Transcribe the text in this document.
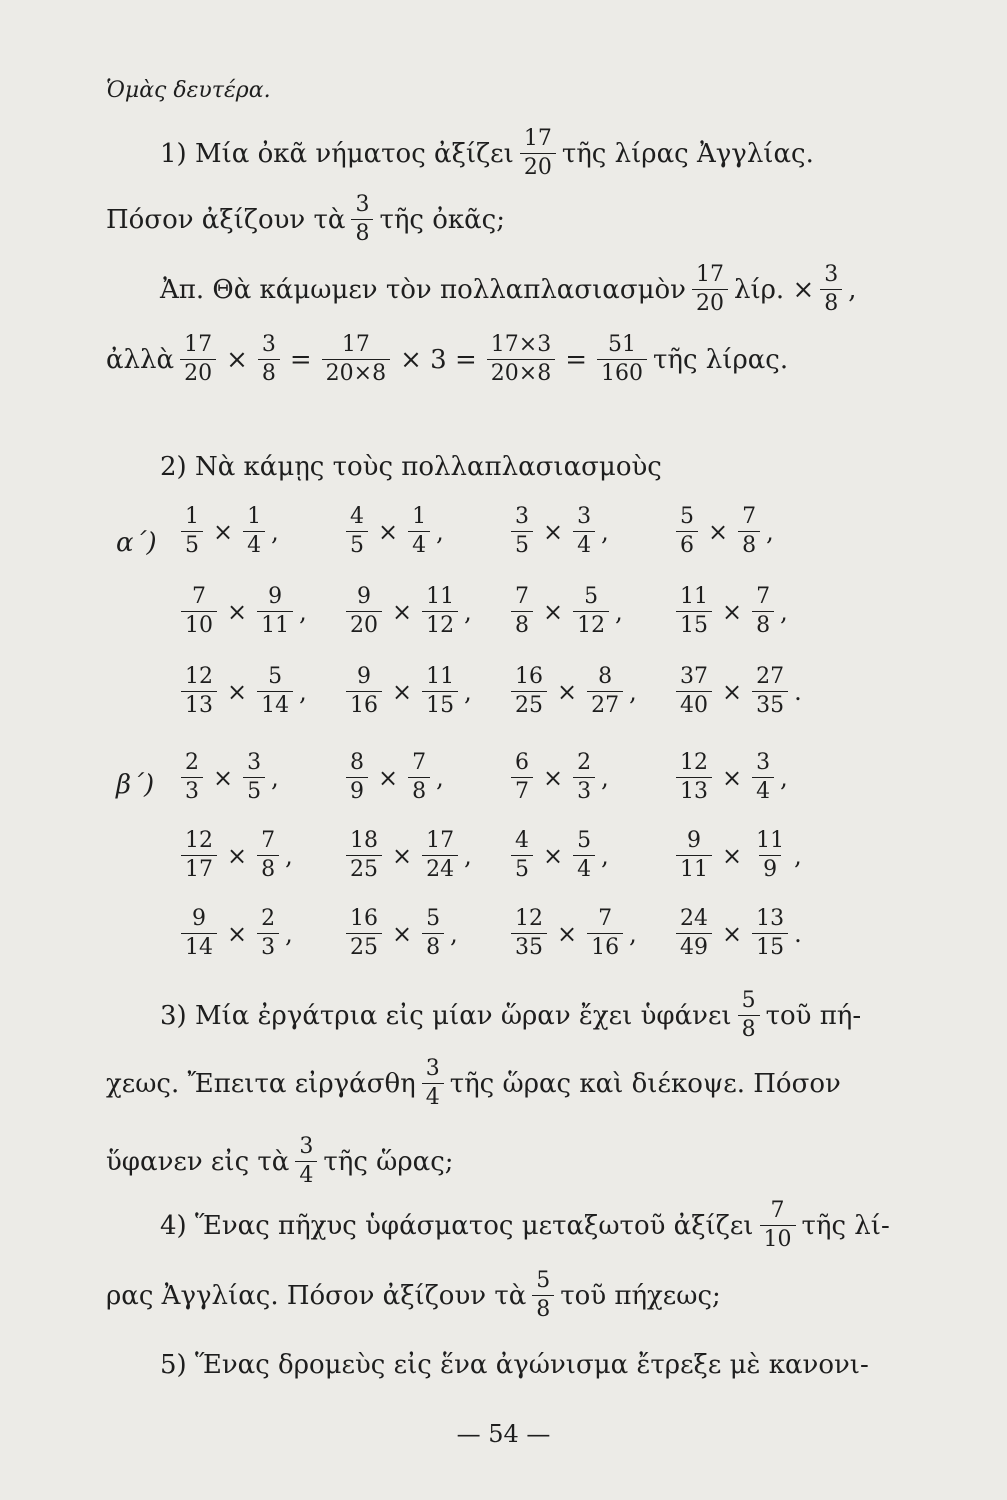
Ὁμὰς δευτέρα.
1) Μία ὀκᾶ νήματος ἀξίζει $\frac{17}{20}$ τῆς λίρας Ἀγγλίας.
Πόσον ἀξίζουν τὰ $\frac{3}{8}$ τῆς ὀκᾶς;
Ἀπ. Θὰ κάμωμεν τὸν πολλαπλασιασμὸν $\frac{17}{20} \lambda ί\rho$. × $\frac{3}{8}$ ,
ἀλλὰ $\frac{17}{20} \times \frac{3}{8} = \frac{17}{20\times 8} \times 3 = \frac{17\times 3}{20\times 8} = \frac{51}{160}$ τῆς λίρας.
2) Νὰ κάμῃς τοὺς πολλαπλασιασμοὺς
$\alpha΄) \frac{1}{5} \times \frac{1}{4}$ ,	$\frac{4}{5} \times \frac{1}{4}$ ,	$\frac{3}{5} \times \frac{3}{4}$ ,	$\frac{5}{6} \times \frac{7}{8}$ ,
$\frac{7}{10} \times \frac{9}{11}$ , $\frac{9}{20} \times \frac{11}{12}$ , $\frac{7}{8} \times \frac{5}{12}$ , $\frac{11}{15} \times \frac{7}{8}$ ,
$\frac{12}{13} \times \frac{5}{14}$ , $\frac{9}{16} \times \frac{11}{15}$ , $\frac{16}{25} \times \frac{8}{27}$ , $\frac{37}{40} \times \frac{27}{35}$ .
$\beta΄) \frac{2}{3} \times \frac{3}{5}$ ,	$\frac{8}{9} \times \frac{7}{8}$ ,	$\frac{6}{7} \times \frac{2}{3}$ ,	$\frac{12}{13} \times \frac{3}{4}$ ,
$\frac{12}{17} \times \frac{7}{8}$ , $\frac{18}{25} \times \frac{17}{24}$ , $\frac{4}{5} \times \frac{5}{4}$ ,	$\frac{9}{11} \times \frac{11}{9}$ ,
$\frac{9}{14} \times \frac{2}{3}$ , $\frac{16}{25} \times \frac{5}{8}$ , $\frac{12}{35} \times \frac{7}{16}$ , $\frac{24}{49} \times \frac{13}{15}$ .
3) Μία ἐργάτρια εἰς μίαν ὥραν ἔχει ὑφάνει $\frac{5}{8}$ τοῦ πή-
χεως. Ἔπειτα εἰργάσθη $\frac{3}{4}$ τῆς ὥρας καὶ διέκοψε. Πόσον
ὕφανεν εἰς τὰ $\frac{3}{4}$ τῆς ὥρας;
4) Ἕνας πῆχυς ὑφάσματος μεταξωτοῦ ἀξίζει $\frac{7}{10}$ τῆς λί-
ρας Ἀγγλίας. Πόσον ἀξίζουν τὰ $\frac{5}{8}$ τοῦ πήχεως;
5) Ἕνας δρομεὺς εἰς ἕνα ἀγώνισμα ἔτρεξε μὲ κανονι-
— 54 —
